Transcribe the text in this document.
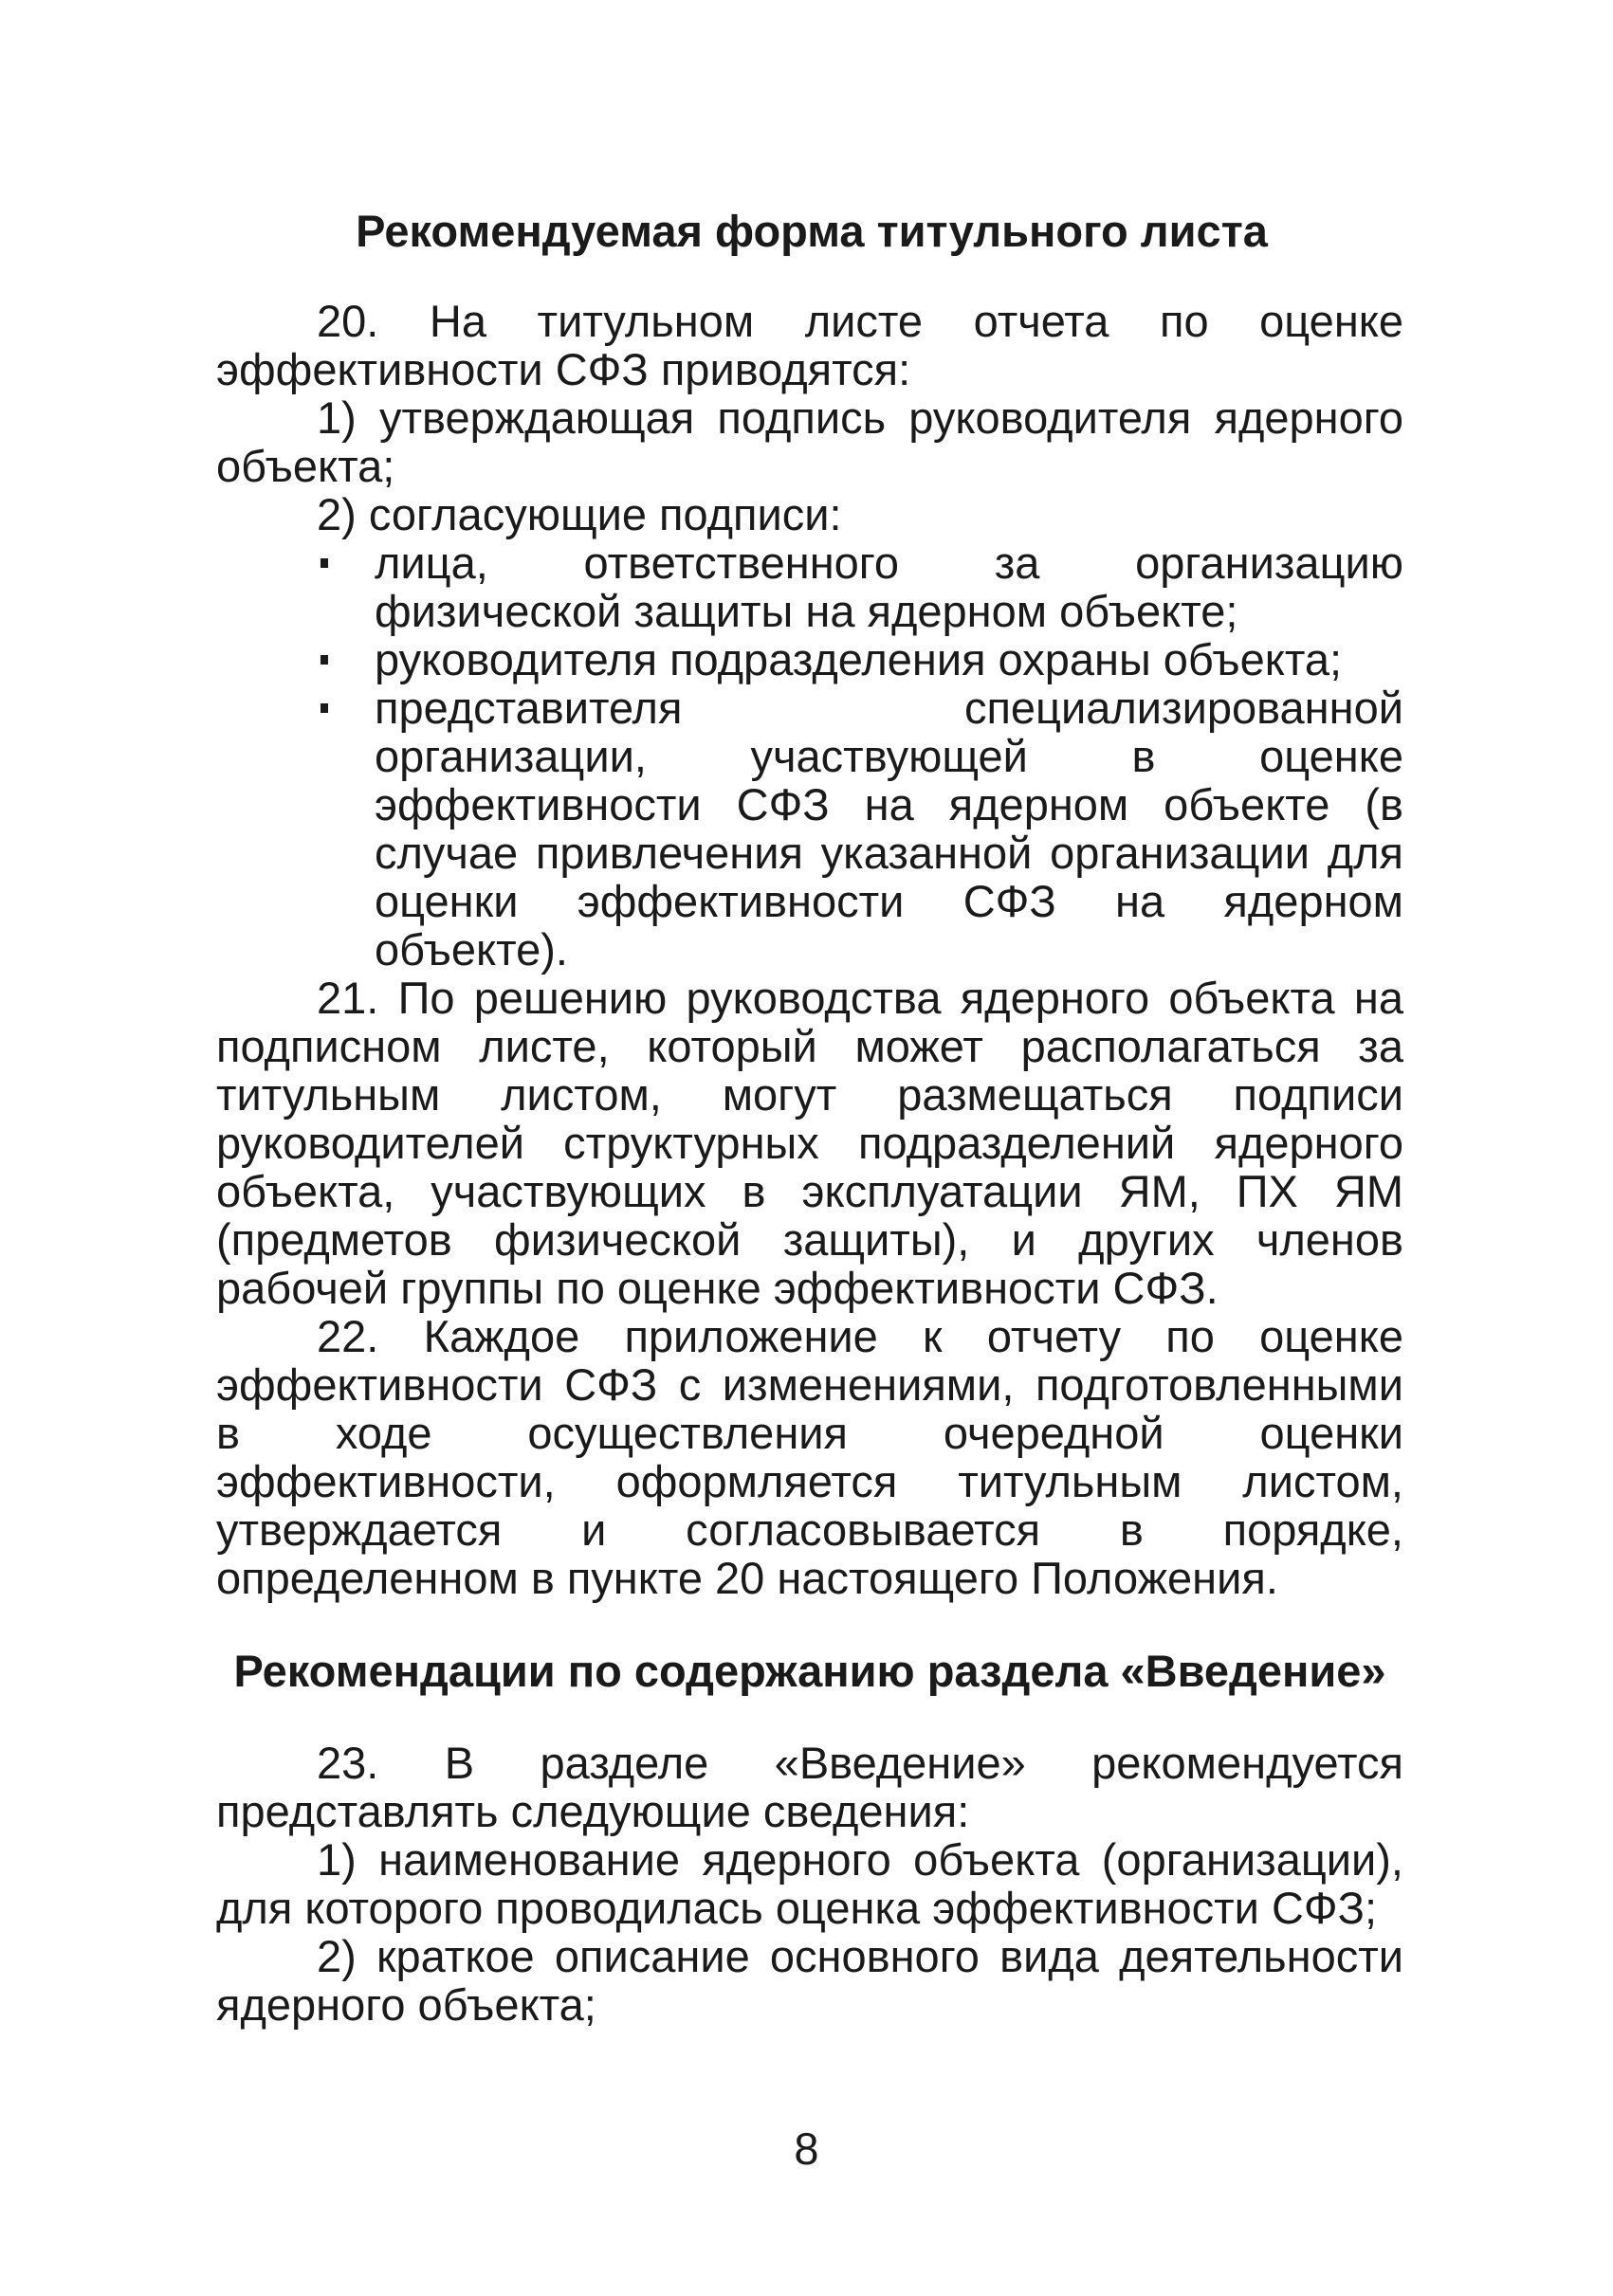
Рекомендуемая форма титульного листа

20. На титульном листе отчета по оценке эффективности СФЗ приводятся:

1) утверждающая подпись руководителя ядерного объекта;

2) согласующие подписи:

лица, ответственного за организацию физической защиты на ядерном объекте;
руководителя подразделения охраны объекта;
представителя специализированной организации, участвующей в оценке эффективности СФЗ на ядерном объекте (в случае привлечения указанной организации для оценки эффективности СФЗ на ядерном объекте).

21. По решению руководства ядерного объекта на подписном листе, который может располагаться за титульным листом, могут размещаться подписи руководителей структурных подразделений ядерного объекта, участвующих в эксплуатации ЯМ, ПХ ЯМ (предметов физической защиты), и других членов рабочей группы по оценке эффективности СФЗ.

22. Каждое приложение к отчету по оценке эффективности СФЗ с изменениями, подготовленными в ходе осуществления очередной оценки эффективности, оформляется титульным листом, утверждается и согласовывается в порядке, определенном в пункте 20 настоящего Положения.

Рекомендации по содержанию раздела «Введение»

23. В разделе «Введение» рекомендуется представлять следующие сведения:

1) наименование ядерного объекта (организации), для которого проводилась оценка эффективности СФЗ;

2) краткое описание основного вида деятельности ядерного объекта;

8
